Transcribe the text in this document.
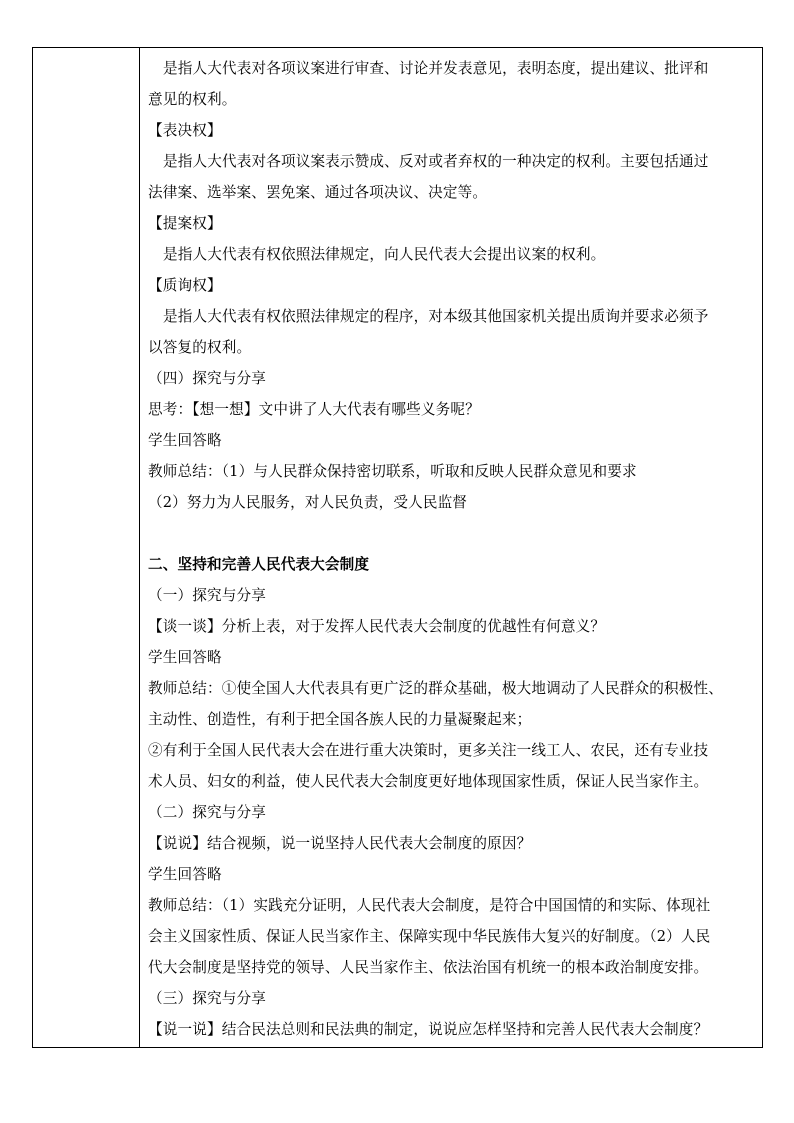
是指人大代表对各项议案进行审查、讨论并发表意见，表明态度，提出建议、批评和
意见的权利。
【表决权】
是指人大代表对各项议案表示赞成、反对或者弃权的一种决定的权利。主要包括通过
法律案、选举案、罢免案、通过各项决议、决定等。
【提案权】
是指人大代表有权依照法律规定，向人民代表大会提出议案的权利。
【质询权】
是指人大代表有权依照法律规定的程序，对本级其他国家机关提出质询并要求必须予
以答复的权利。
（四）探究与分享
思考：【想一想】文中讲了人大代表有哪些义务呢？
学生回答略
教师总结：（1）与人民群众保持密切联系，听取和反映人民群众意见和要求
（2）努力为人民服务，对人民负责，受人民监督
二、坚持和完善人民代表大会制度
（一）探究与分享
【谈一谈】分析上表，对于发挥人民代表大会制度的优越性有何意义？
学生回答略
教师总结：①使全国人大代表具有更广泛的群众基础，极大地调动了人民群众的积极性、
主动性、创造性，有利于把全国各族人民的力量凝聚起来；
②有利于全国人民代表大会在进行重大决策时，更多关注一线工人、农民，还有专业技
术人员、妇女的利益，使人民代表大会制度更好地体现国家性质，保证人民当家作主。
（二）探究与分享
【说说】结合视频，说一说坚持人民代表大会制度的原因？
学生回答略
教师总结：（1）实践充分证明，人民代表大会制度，是符合中国国情的和实际、体现社
会主义国家性质、保证人民当家作主、保障实现中华民族伟大复兴的好制度。（2）人民
代大会制度是坚持党的领导、人民当家作主、依法治国有机统一的根本政治制度安排。
（三）探究与分享
【说一说】结合民法总则和民法典的制定，说说应怎样坚持和完善人民代表大会制度？
